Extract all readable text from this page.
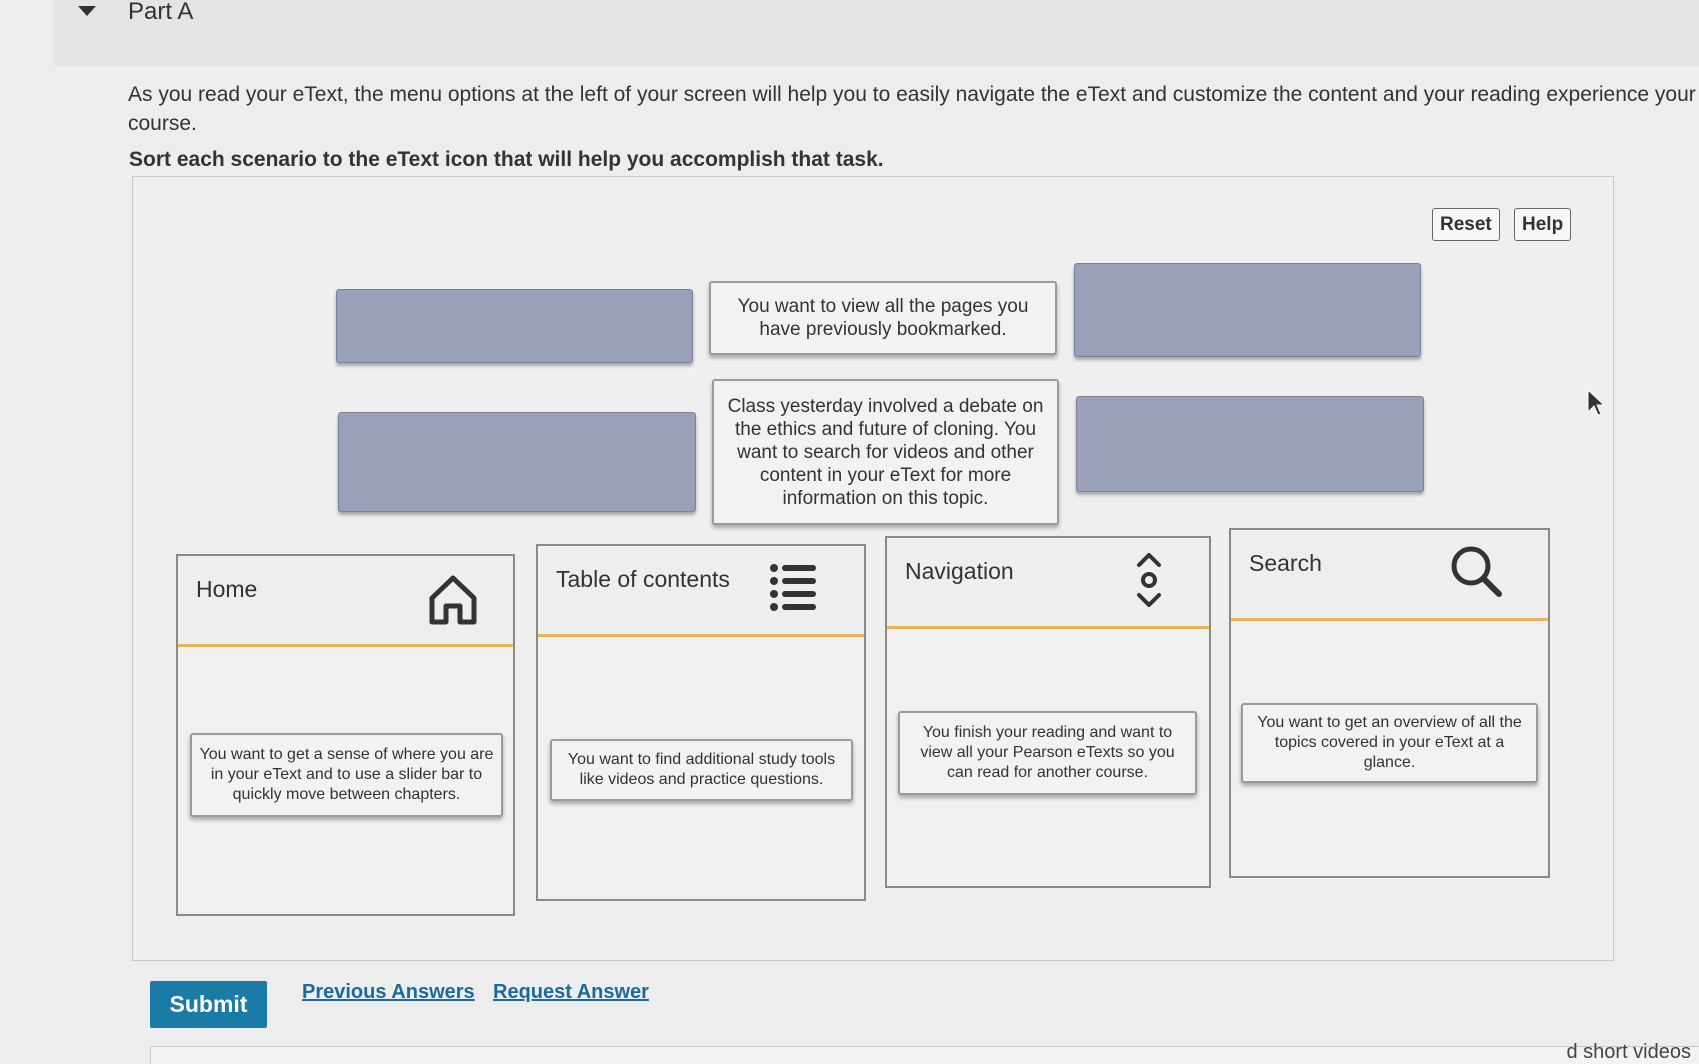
Part A
As you read your eText, the menu options at the left of your screen will help you to easily navigate the eText and customize the content and your reading experience your course.
Sort each scenario to the eText icon that will help you accomplish that task.
Reset	Help
You want to view all the pages you have previously bookmarked.
Class yesterday involved a debate on the ethics and future of cloning. You want to search for videos and other content in your eText for more information on this topic.
Home
You want to get a sense of where you are in your eText and to use a slider bar to quickly move between chapters.
Table of contents
You want to find additional study tools like videos and practice questions.
Navigation
You finish your reading and want to view all your Pearson eTexts so you can read for another course.
Search
You want to get an overview of all the topics covered in your eText at a glance.
Submit	Previous Answers Request Answer
d short videos
